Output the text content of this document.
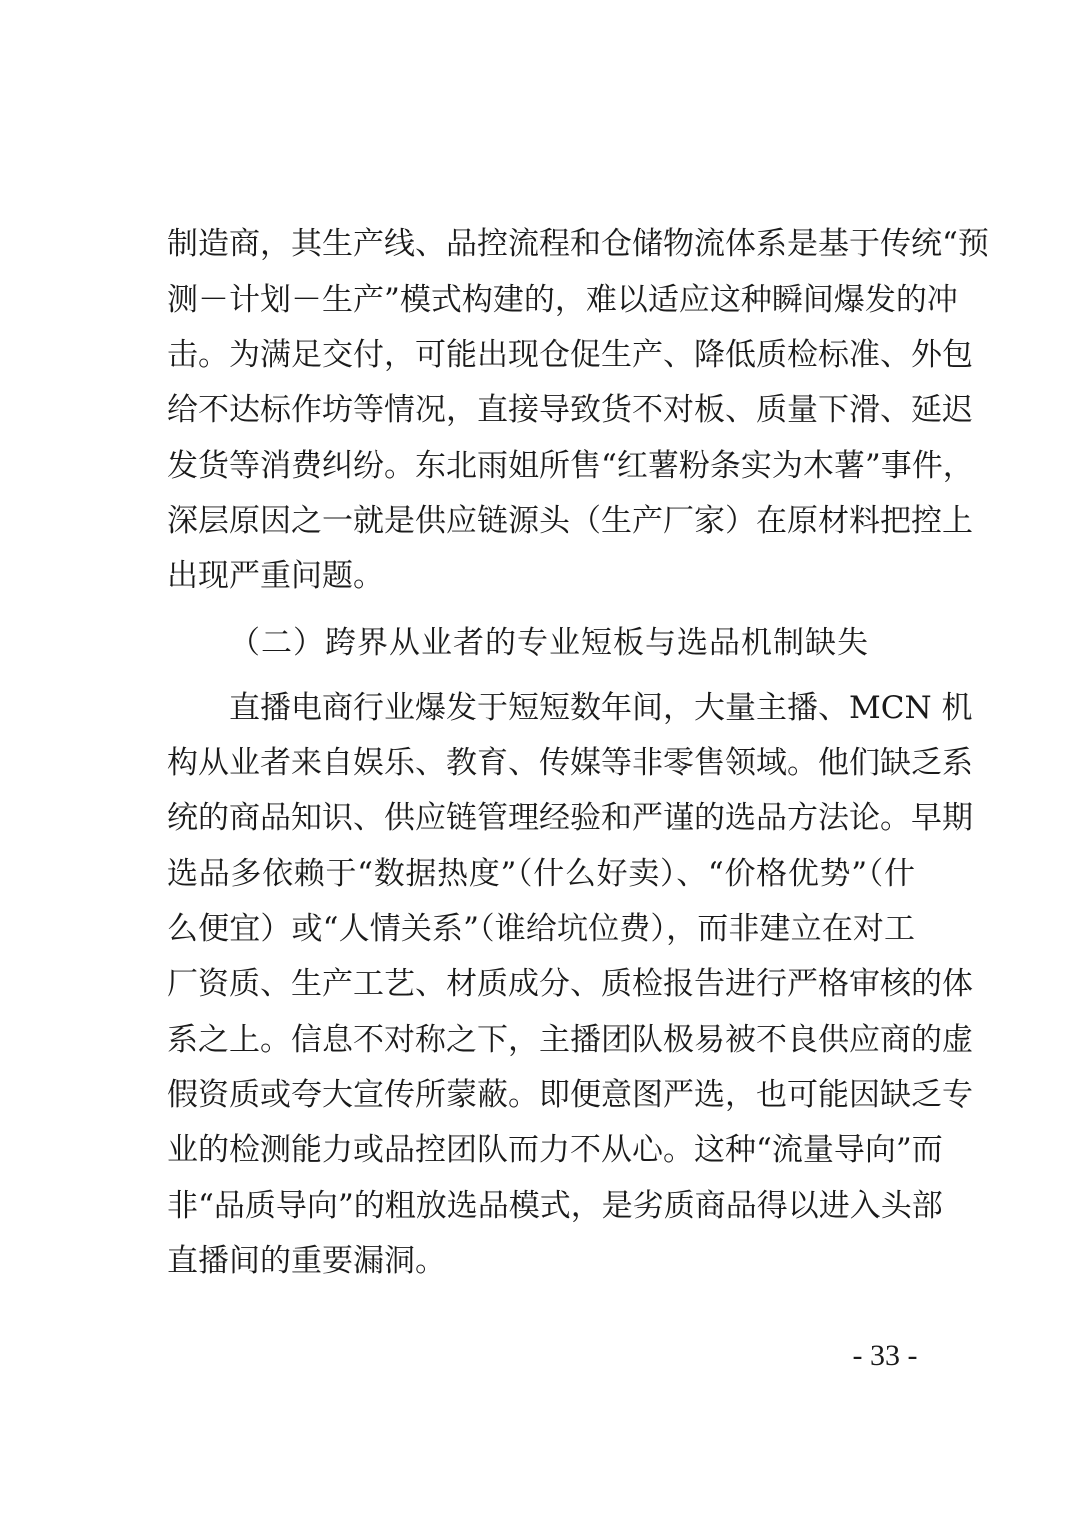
制造商，其生产线、品控流程和仓储物流体系是基于传统“预
测－计划－生产”模式构建的，难以适应这种瞬间爆发的冲
击。为满足交付，可能出现仓促生产、降低质检标准、外包
给不达标作坊等情况，直接导致货不对板、质量下滑、延迟
发货等消费纠纷。东北雨姐所售“红薯粉条实为木薯”事件，
深层原因之一就是供应链源头（生产厂家）在原材料把控上
出现严重问题。
（二）跨界从业者的专业短板与选品机制缺失
直播电商行业爆发于短短数年间，大量主播、MCN 机
构从业者来自娱乐、教育、传媒等非零售领域。他们缺乏系
统的商品知识、供应链管理经验和严谨的选品方法论。早期
选品多依赖于“数据热度”（什么好卖）、“价格优势”（什
么便宜）或“人情关系”（谁给坑位费），而非建立在对工
厂资质、生产工艺、材质成分、质检报告进行严格审核的体
系之上。信息不对称之下，主播团队极易被不良供应商的虚
假资质或夸大宣传所蒙蔽。即便意图严选，也可能因缺乏专
业的检测能力或品控团队而力不从心。这种“流量导向”而
非“品质导向”的粗放选品模式，是劣质商品得以进入头部
直播间的重要漏洞。
- 33 -
